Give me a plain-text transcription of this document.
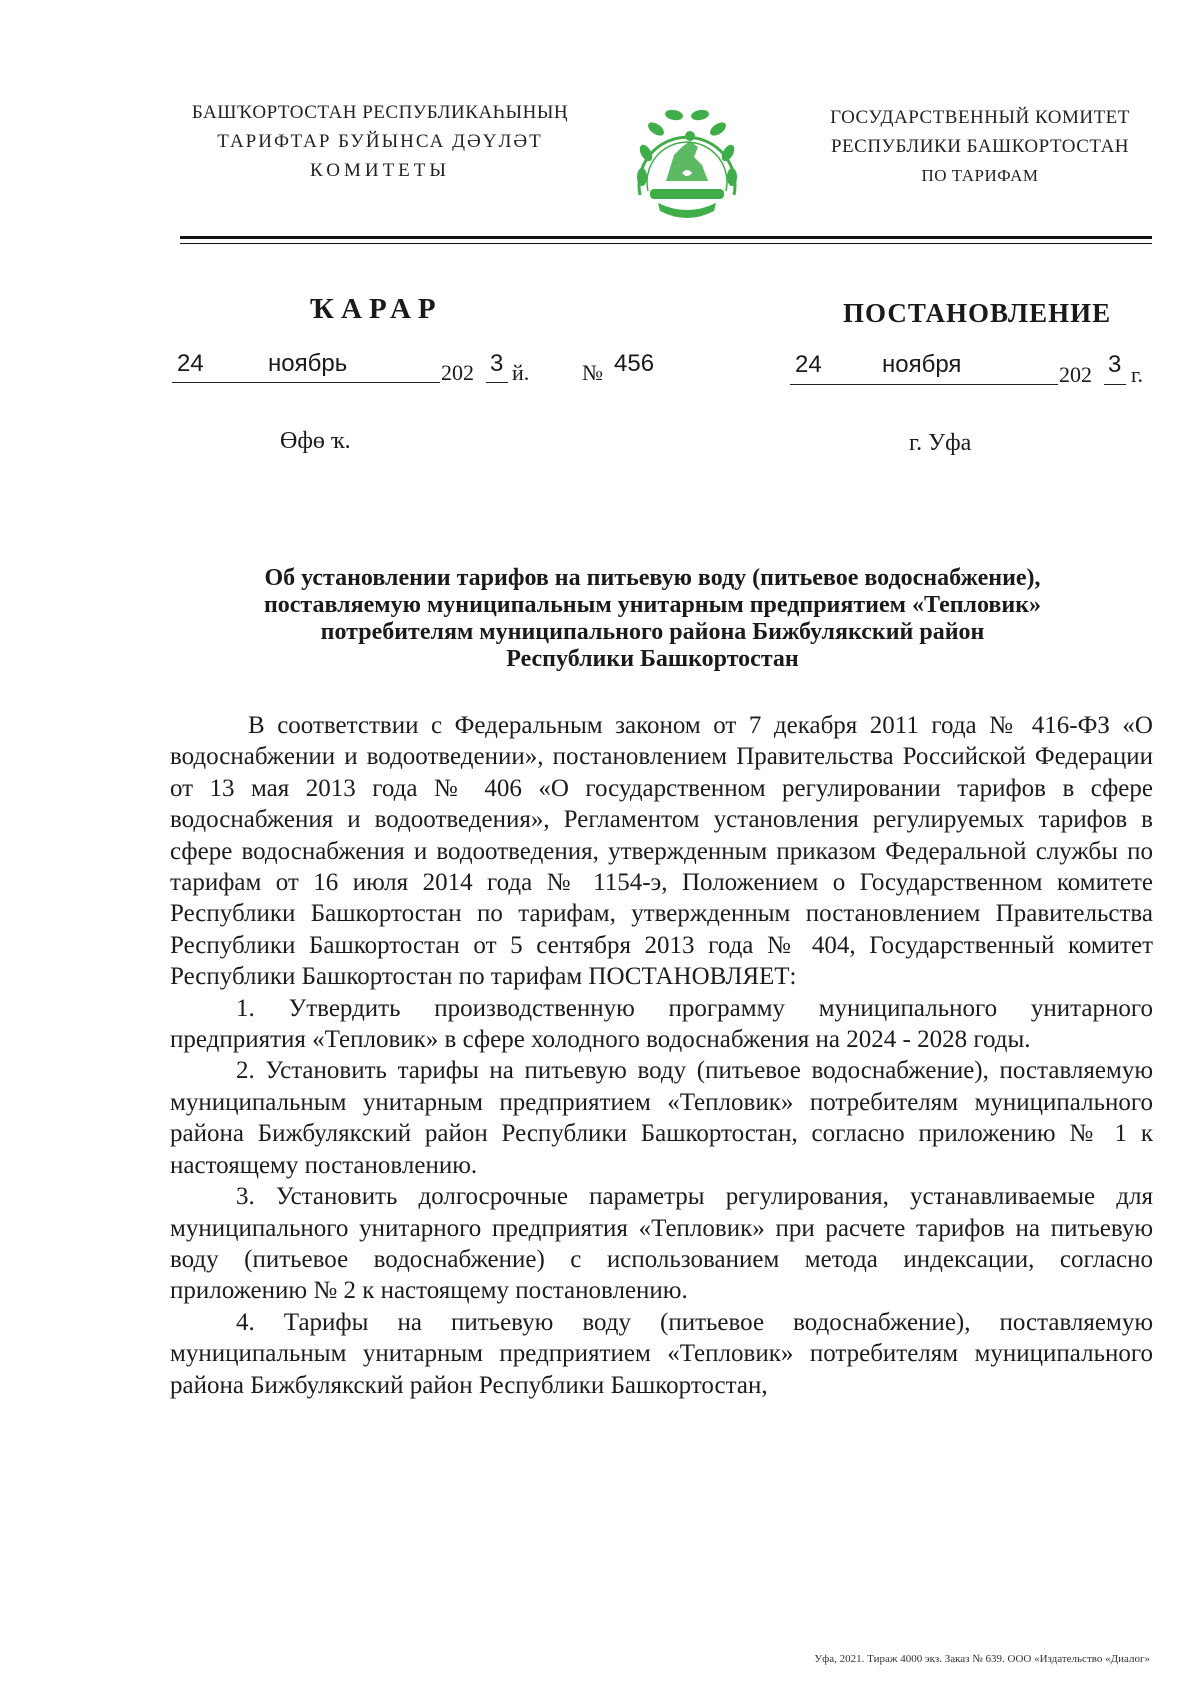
БАШҠОРТОСТАН РЕСПУБЛИКАҺЫНЫҢ
ТАРИФТАР БУЙЫНСА ДӘҮЛӘТ
КОМИТЕТЫ
ГОСУДАРСТВЕННЫЙ КОМИТЕТ
РЕСПУБЛИКИ БАШКОРТОСТАН
ПО ТАРИФАМ
ҠАРАР	ПОСТАНОВЛЕНИЕ
24	ноябрь	202 3 й. № 456	24	ноября	202 3 г.
Өфө ҡ.	г. Уфа
Об установлении тарифов на питьевую воду (питьевое водоснабжение),
поставляемую муниципальным унитарным предприятием «Тепловик»
потребителям муниципального района Бижбулякский район
Республики Башкортостан

В соответствии с Федеральным законом от 7 декабря 2011 года № 416-ФЗ «О водоснабжении и водоотведении», постановлением Правительства Российской Федерации от 13 мая 2013 года № 406 «О государственном регулировании тарифов в сфере водоснабжения и водоотведения», Регламентом установления регулируемых тарифов в сфере водоснабжения и водоотведения, утвержденным приказом Федеральной службы по тарифам от 16 июля 2014 года № 1154-э, Положением о Государственном комитете Республики Башкортостан по тарифам, утвержденным постановлением Правительства Республики Башкортостан от 5 сентября 2013 года № 404, Государственный комитет Республики Башкортостан по тарифам ПОСТАНОВЛЯЕТ:

1. Утвердить производственную программу муниципального унитарного предприятия «Тепловик» в сфере холодного водоснабжения на 2024 - 2028 годы.

2. Установить тарифы на питьевую воду (питьевое водоснабжение), поставляемую муниципальным унитарным предприятием «Тепловик» потребителям муниципального района Бижбулякский район Республики Башкортостан, согласно приложению № 1 к настоящему постановлению.

3. Установить долгосрочные параметры регулирования, устанавливаемые для муниципального унитарного предприятия «Тепловик» при расчете тарифов на питьевую воду (питьевое водоснабжение) с использованием метода индексации, согласно приложению № 2 к настоящему постановлению.

4. Тарифы на питьевую воду (питьевое водоснабжение), поставляемую муниципальным унитарным предприятием «Тепловик» потребителям муниципального района Бижбулякский район Республики Башкортостан,

Уфа, 2021. Тираж 4000 экз. Заказ № 639. ООО «Издательство «Диалог»
